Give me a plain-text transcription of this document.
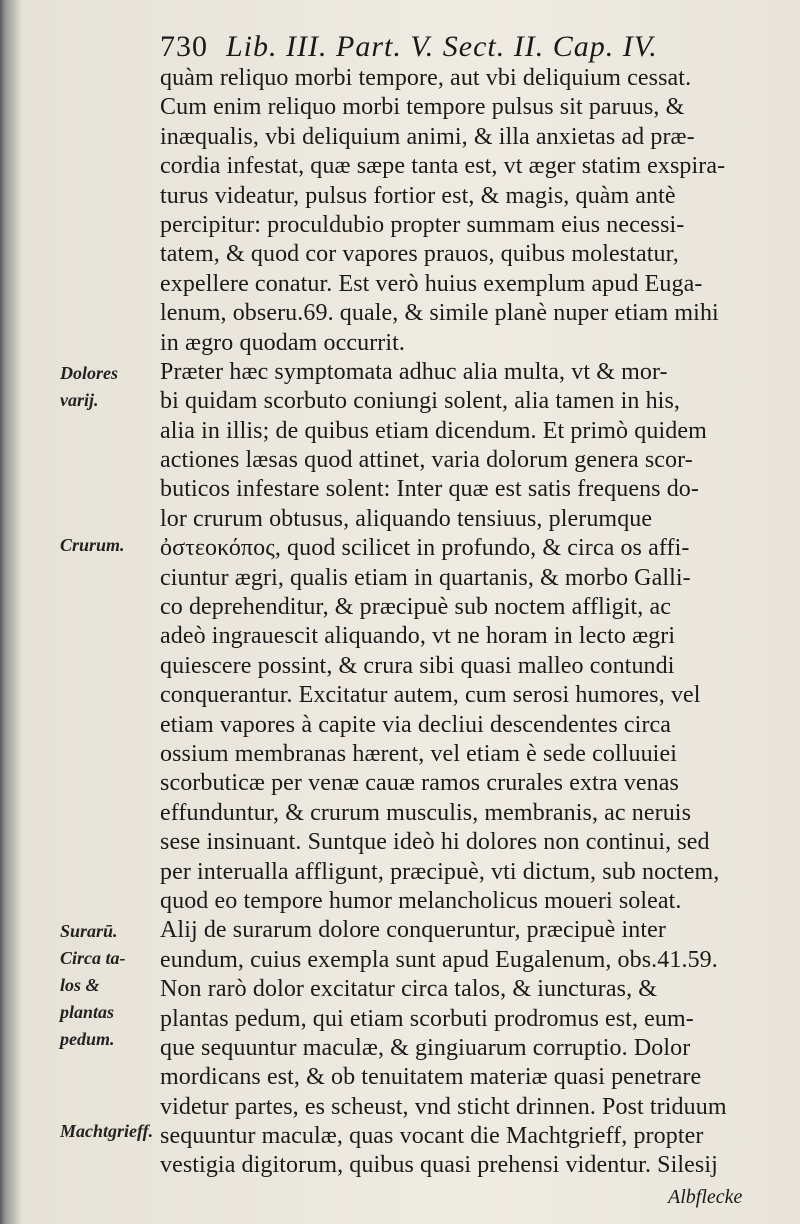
730 Lib. III. Part. V. Sect. II. Cap. IV.
quàm reliquo morbi tempore, aut vbi deliquium cessat.
Cum enim reliquo morbi tempore pulsus sit paruus, &
inæqualis, vbi deliquium animi, & illa anxietas ad præ-
cordia infestat, quæ sæpe tanta est, vt æger statim exspira-
turus videatur, pulsus fortior est, & magis, quàm antè
percipitur: proculdubio propter summam eius necessi-
tatem, & quod cor vapores prauos, quibus molestatur,
expellere conatur. Est verò huius exemplum apud Euga-
lenum, obseru.69. quale, & simile planè nuper etiam mihi
in ægro quodam occurrit.
Præter hæc symptomata adhuc alia multa, vt & mor-
bi quidam scorbuto coniungi solent, alia tamen in his,
alia in illis; de quibus etiam dicendum. Et primò quidem
actiones læsas quod attinet, varia dolorum genera scor-
buticos infestare solent: Inter quæ est satis frequens do-
lor crurum obtusus, aliquando tensiuus, plerumque
ὀστεοκόπος, quod scilicet in profundo, & circa os affi-
ciuntur ægri, qualis etiam in quartanis, & morbo Galli-
co deprehenditur, & præcipuè sub noctem affligit, ac
adeò ingrauescit aliquando, vt ne horam in lecto ægri
quiescere possint, & crura sibi quasi malleo contundi
conquerantur. Excitatur autem, cum serosi humores, vel
etiam vapores à capite via decliui descendentes circa
ossium membranas hærent, vel etiam è sede colluuiei
scorbuticæ per venæ cauæ ramos crurales extra venas
effunduntur, & crurum musculis, membranis, ac neruis
sese insinuant. Suntque ideò hi dolores non continui, sed
per interualla affligunt, præcipuè, vti dictum, sub noctem,
quod eo tempore humor melancholicus moueri soleat.
Alij de surarum dolore conqueruntur, præcipuè inter
eundum, cuius exempla sunt apud Eugalenum, obs.41.59.
Non rarò dolor excitatur circa talos, & iuncturas, &
plantas pedum, qui etiam scorbuti prodromus est, eum-
que sequuntur maculæ, & gingiuarum corruptio. Dolor
mordicans est, & ob tenuitatem materiæ quasi penetrare
videtur partes, es scheust, vnd sticht drinnen. Post triduum
sequuntur maculæ, quas vocant die Machtgrieff, propter
vestigia digitorum, quibus quasi prehensi videntur. Silesij
Dolores
varij.
Crurum.
Surarū.
Circa ta-
los &
plantas
pedum.
Machtgrieff.
Albflecke
